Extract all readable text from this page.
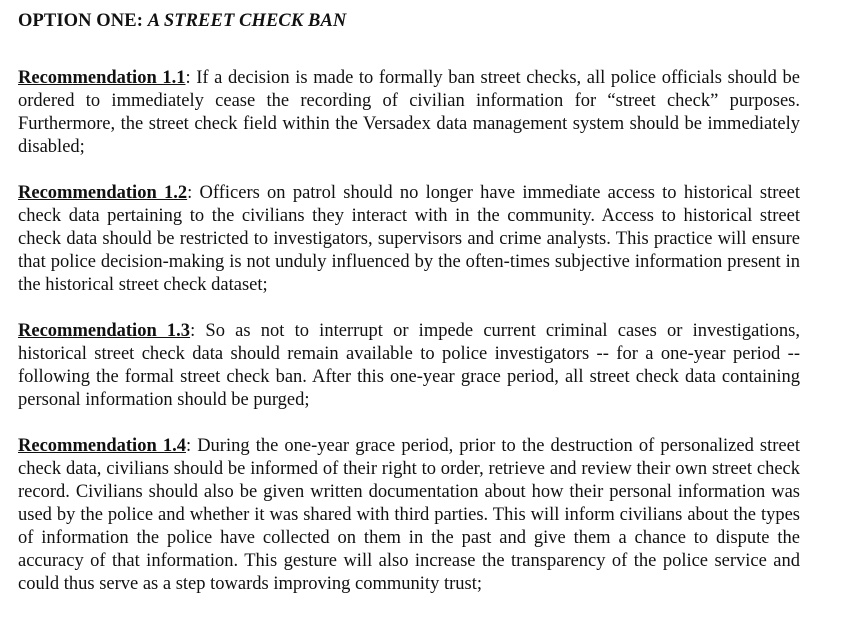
OPTION ONE: A STREET CHECK BAN

Recommendation 1.1: If a decision is made to formally ban street checks, all police officials should be ordered to immediately cease the recording of civilian information for “street check” purposes. Furthermore, the street check field within the Versadex data management system should be immediately disabled;

Recommendation 1.2: Officers on patrol should no longer have immediate access to historical street check data pertaining to the civilians they interact with in the community. Access to historical street check data should be restricted to investigators, supervisors and crime analysts. This practice will ensure that police decision-making is not unduly influenced by the often-times subjective information present in the historical street check dataset;

Recommendation 1.3: So as not to interrupt or impede current criminal cases or investigations, historical street check data should remain available to police investigators -- for a one-year period -- following the formal street check ban. After this one-year grace period, all street check data containing personal information should be purged;

Recommendation 1.4: During the one-year grace period, prior to the destruction of personalized street check data, civilians should be informed of their right to order, retrieve and review their own street check record. Civilians should also be given written documentation about how their personal information was used by the police and whether it was shared with third parties. This will inform civilians about the types of information the police have collected on them in the past and give them a chance to dispute the accuracy of that information. This gesture will also increase the transparency of the police service and could thus serve as a step towards improving community trust;
